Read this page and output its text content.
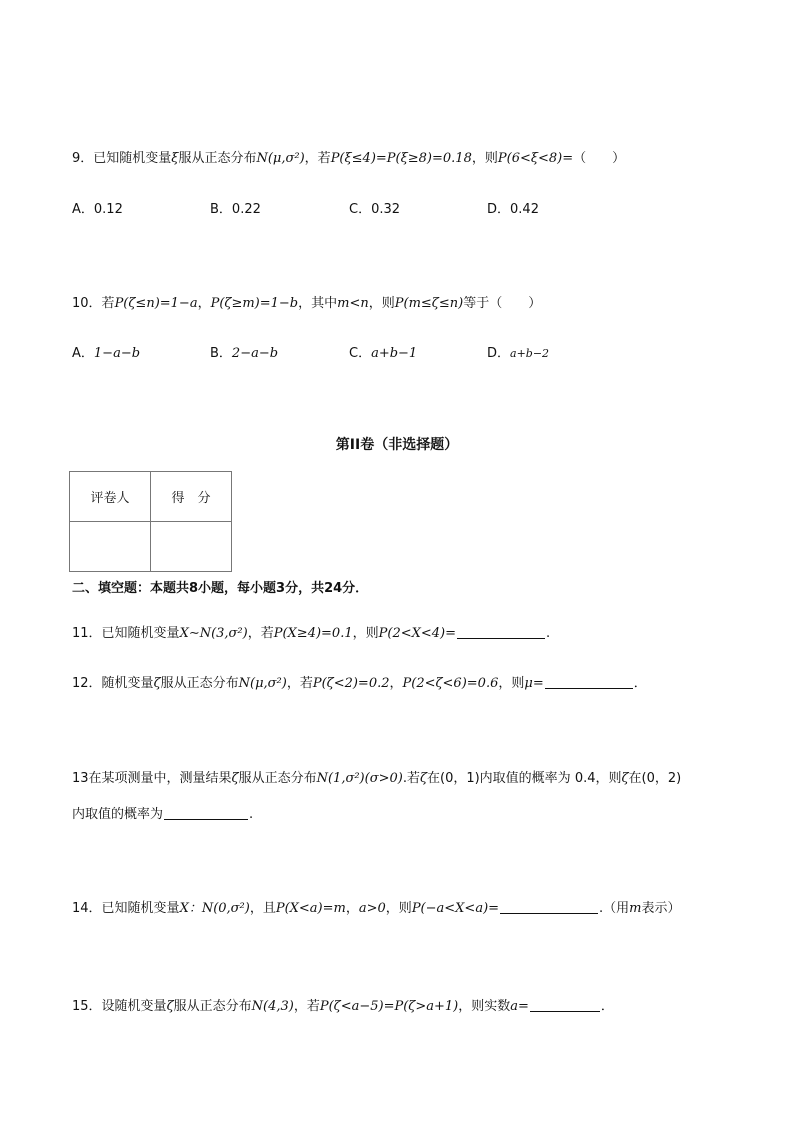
9．已知随机变量ξ服从正态分布N(μ,σ²)，若P(ξ≤4)=P(ξ≥8)=0.18，则P(6<ξ<8)=（　　）
A．0.12	B．0.22	C．0.32	D．0.42
10．若P(ζ≤n)=1−a，P(ζ≥m)=1−b，其中m<n，则P(m≤ζ≤n)等于（　　）
A．1−a−b	B．2−a−b	C．a+b−1	D．a+b−2
第II卷（非选择题）
评卷人	得　分

二、填空题：本题共8小题，每小题3分，共24分．
11．已知随机变量X∼N(3,σ²)，若P(X≥4)=0.1，则P(2<X<4)=	.
12．随机变量ζ服从正态分布N(μ,σ²)，若P(ζ<2)=0.2，P(2<ζ<6)=0.6，则μ=	．
13在某项测量中，测量结果ζ服从正态分布N(1,σ²)(σ>0).若ζ在(0，1)内取值的概率为 0.4，则ζ在(0，2)
内取值的概率为	.
14．已知随机变量X：N(0,σ²)，且P(X<a)=m，a>0，则P(−a<X<a)=	.（用m表示）
15．设随机变量ζ服从正态分布N(4,3)，若P(ζ<a−5)=P(ζ>a+1)，则实数a=	．
